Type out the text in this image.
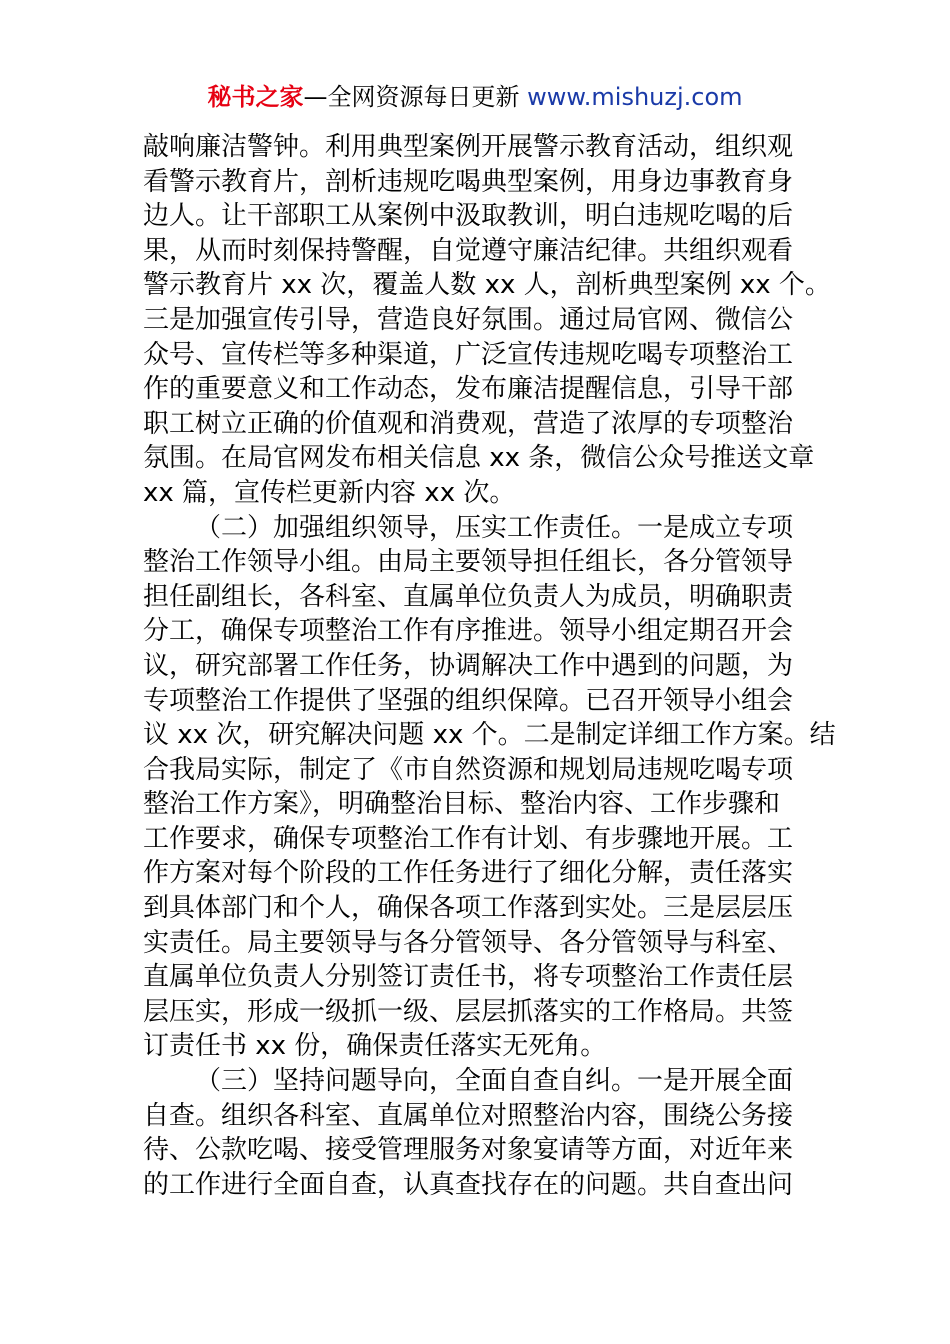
秘书之家—全网资源每日更新 www.mishuzj.com
敲响廉洁警钟。利用典型案例开展警示教育活动，组织观
看警示教育片，剖析违规吃喝典型案例，用身边事教育身
边人。让干部职工从案例中汲取教训，明白违规吃喝的后
果，从而时刻保持警醒，自觉遵守廉洁纪律。共组织观看
警示教育片 xx 次，覆盖人数 xx 人，剖析典型案例 xx 个。
三是加强宣传引导，营造良好氛围。通过局官网、微信公
众号、宣传栏等多种渠道，广泛宣传违规吃喝专项整治工
作的重要意义和工作动态，发布廉洁提醒信息，引导干部
职工树立正确的价值观和消费观，营造了浓厚的专项整治
氛围。在局官网发布相关信息 xx 条，微信公众号推送文章
xx 篇，宣传栏更新内容 xx 次。
（二）加强组织领导，压实工作责任。一是成立专项
整治工作领导小组。由局主要领导担任组长，各分管领导
担任副组长，各科室、直属单位负责人为成员，明确职责
分工，确保专项整治工作有序推进。领导小组定期召开会
议，研究部署工作任务，协调解决工作中遇到的问题，为
专项整治工作提供了坚强的组织保障。已召开领导小组会
议 xx 次，研究解决问题 xx 个。二是制定详细工作方案。结
合我局实际，制定了《市自然资源和规划局违规吃喝专项
整治工作方案》，明确整治目标、整治内容、工作步骤和
工作要求，确保专项整治工作有计划、有步骤地开展。工
作方案对每个阶段的工作任务进行了细化分解，责任落实
到具体部门和个人，确保各项工作落到实处。三是层层压
实责任。局主要领导与各分管领导、各分管领导与科室、
直属单位负责人分别签订责任书，将专项整治工作责任层
层压实，形成一级抓一级、层层抓落实的工作格局。共签
订责任书 xx 份，确保责任落实无死角。
（三）坚持问题导向，全面自查自纠。一是开展全面
自查。组织各科室、直属单位对照整治内容，围绕公务接
待、公款吃喝、接受管理服务对象宴请等方面，对近年来
的工作进行全面自查，认真查找存在的问题。共自查出问
